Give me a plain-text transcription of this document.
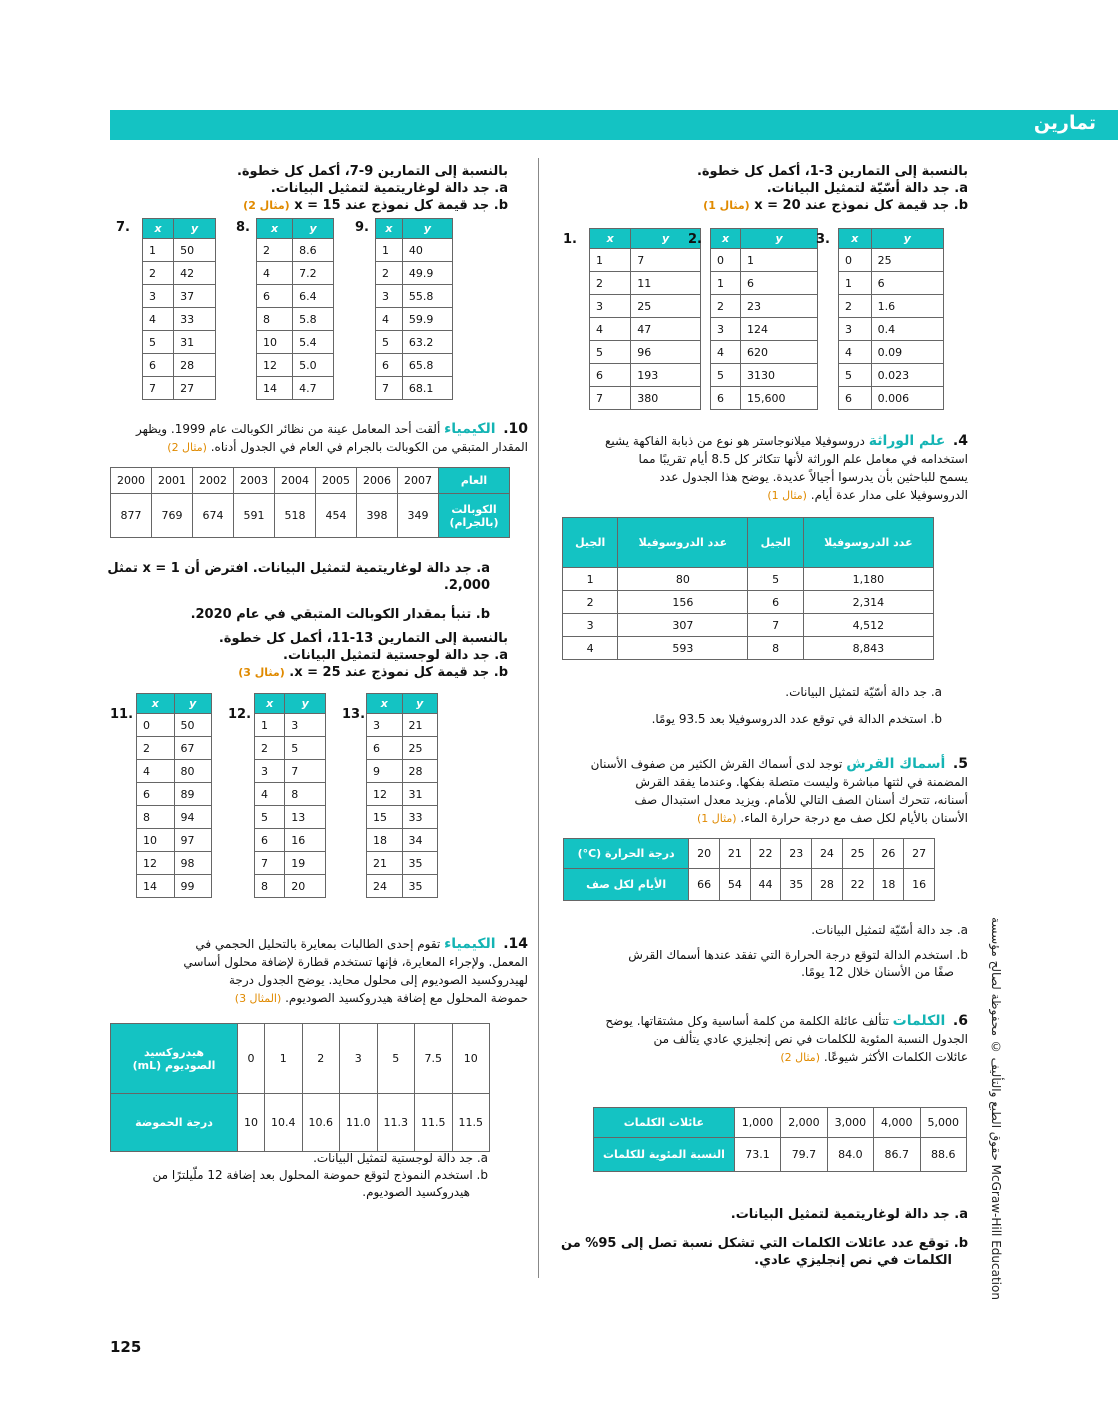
تمارين
حقوق الطبع والتأليف © محفوظة لصالح مؤسسة McGraw-Hill Education
125
بالنسبة إلى التمارين 3-1، أكمل كل خطوة.
a. جد دالة أسّيّة لتمثيل البيانات.
b. جد قيمة كل نموذج عند x = 20 (مثال 1)
1.	x	y
1	7
2	11
3	25
4	47
5	96
6	193
7	380
2. x	y
0	1
1	6
2	23
3	124
4	620
5	3130
6	15,600
3. x	y
0	25
1	6
2	1.6
3	0.4
4	0.09
5	0.023
6	0.006
4.  علم الوراثة دروسوفيلا ميلانوجاستر هو نوع من ذبابة الفاكهة يشيع
استخدامه في معامل علم الوراثة لأنها تتكاثر كل 8.5 أيام تقريبًا مما
يسمح للباحثين بأن يدرسوا أجيالاً عديدة. يوضح هذا الجدول عدد
الدروسوفيلا على مدار عدة أيام. (مثال 1)
الجيل	عدد الدروسوفيلا	الجيل	عدد الدروسوفيلا
1	80	5	1,180
2	156	6	2,314
3	307	7	4,512
4	593	8	8,843
a. جد دالة أسّيّة لتمثيل البيانات.
b. استخدم الدالة في توقع عدد الدروسوفيلا بعد 93.5 يومًا.
5.  أسماك القرش توجد لدى أسماك القرش الكثير من صفوف الأسنان
المضمنة في لثتها مباشرة وليست متصلة بفكها. وعندما يفقد القرش
أسنانه، تتحرك أسنان الصف التالي للأمام. ويزيد معدل استبدال صف
الأسنان بالأيام لكل صف مع درجة حرارة الماء. (مثال 1)
درجة الحرارة (C°)	20	21	22	23	24	25	26	27
الأيام لكل صف	66	54	44	35	28	22	18	16
a. جد دالة أسّيّة لتمثيل البيانات.
b. استخدم الدالة لتوقع درجة الحرارة التي تفقد عندها أسماك القرش
صفًا من الأسنان خلال 12 يومًا.
6.  الكلمات تتألف عائلة الكلمة من كلمة أساسية وكل مشتقاتها. يوضح
الجدول النسبة المئوية للكلمات في نص إنجليزي عادي يتألف من
عائلات الكلمات الأكثر شيوعًا. (مثال 2)
عائلات الكلمات	1,000	2,000	3,000	4,000	5,000
النسبة المئوية للكلمات	73.1	79.7	84.0	86.7	88.6
a. جد دالة لوغاريتمية لتمثيل البيانات.
b. توقع عدد عائلات الكلمات التي تشكل نسبة تصل إلى 95% من
الكلمات في نص إنجليزي عادي.
بالنسبة إلى التمارين 9-7، أكمل كل خطوة.
a. جد دالة لوغاريتمية لتمثيل البيانات.
b. جد قيمة كل نموذج عند x = 15 (مثال 2)
7. x	y
1	50
2	42
3	37
4	33
5	31
6	28
7	27
8. x	y
2	8.6
4	7.2
6	6.4
8	5.8
10	5.4
12	5.0
14	4.7
9. x	y
1	40
2	49.9
3	55.8
4	59.9
5	63.2
6	65.8
7	68.1
10.  الكيمياء ألقت أحد المعامل عينة من نظائر الكوبالت عام 1999. ويظهر
المقدار المتبقي من الكوبالت بالجرام في العام في الجدول أدناه. (مثال 2)
2000	2001	2002	2003	2004	2005	2006	2007	العام
877	769	674	591	518	454	398	349	الكوبالت (بالجرام)
a. جد دالة لوغاريتمية لتمثيل البيانات. افترض أن x = 1 تمثل 2,000.
b. تنبأ بمقدار الكوبالت المتبقي في عام 2020.
بالنسبة إلى التمارين 13-11، أكمل كل خطوة.
a. جد دالة لوجستية لتمثيل البيانات.
b. جد قيمة كل نموذج عند x = 25. (مثال 3)
11.
x	y
0	50
2	67
4	80
6	89
8	94
10	97
12	98
14	99
12.
x	y
1	3
2	5
3	7
4	8
5	13
6	16
7	19
8	20
13.
x	y
3	21
6	25
9	28
12	31
15	33
18	34
21	35
24	35
14.  الكيمياء تقوم إحدى الطالبات بمعايرة بالتحليل الحجمي في
المعمل. ولإجراء المعايرة، فإنها تستخدم قطارة لإضافة محلول أساسي
لهيدروكسيد الصوديوم إلى محلول محايد. يوضح الجدول درجة
حموضة المحلول مع إضافة هيدروكسيد الصوديوم. (المثال 3)
هيدروكسيد الصوديوم (mL)	0	1	2	3	5	7.5	10
درجة الحموضة	10	10.4	10.6	11.0	11.3	11.5	11.5
a. جد دالة لوجستية لتمثيل البيانات.
b. استخدم النموذج لتوقع حموضة المحلول بعد إضافة 12 ملّيلترًا من
هيدروكسيد الصوديوم.
